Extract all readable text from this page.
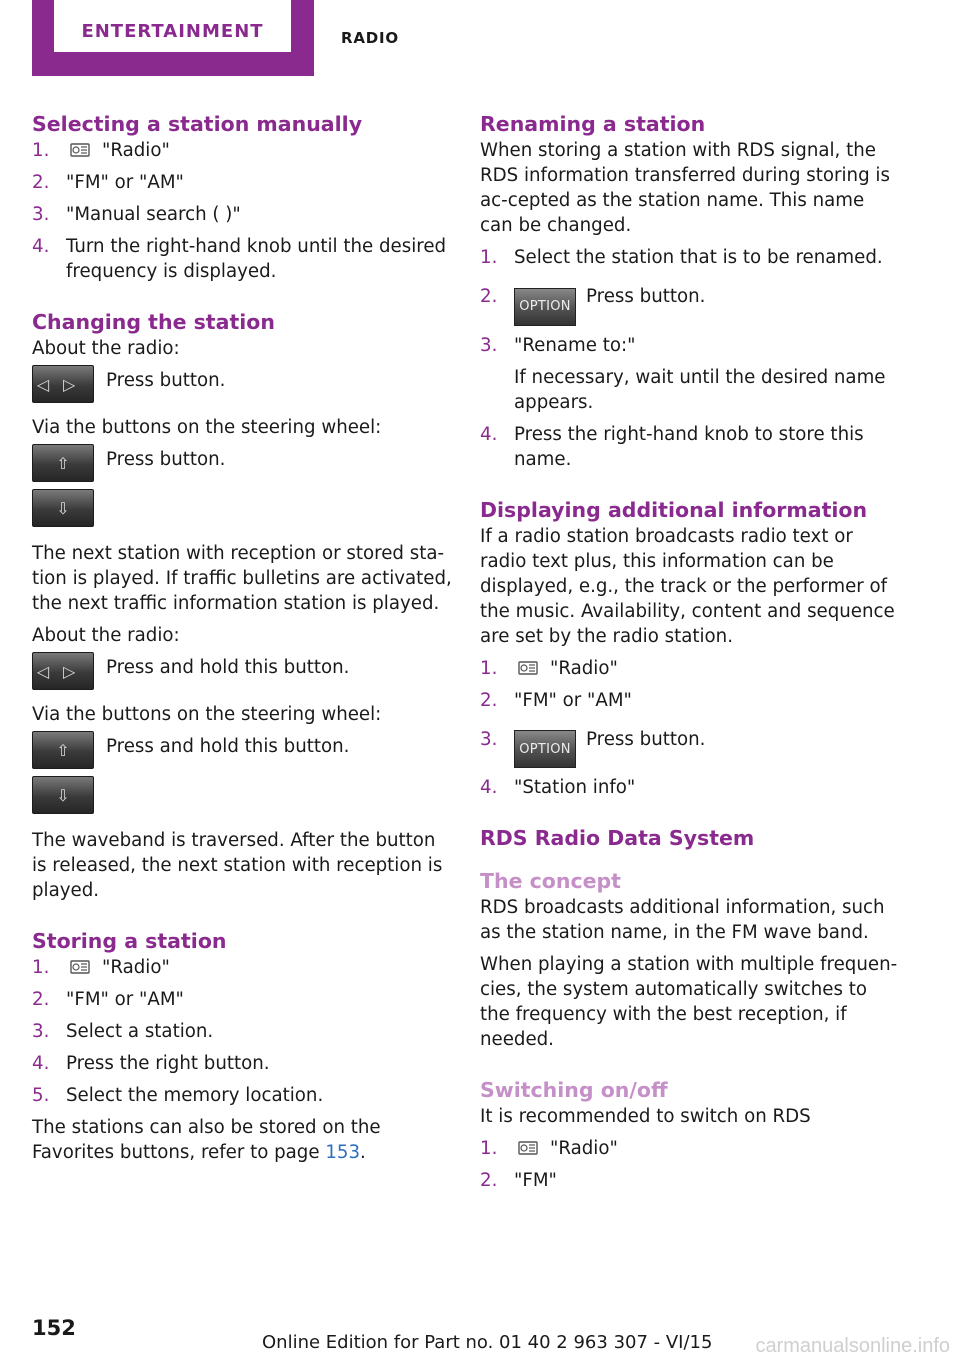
ENTERTAINMENT	RADIO
Selecting a station manually
1.	"Radio"
2. "FM" or "AM"
3. "Manual search ( )"
4. Turn the right-hand knob until the desired frequency is displayed.
Changing the station

About the radio:

◁▷ Press button.

Via the buttons on the steering wheel:

⇧
⇩
Press button.

The next station with reception or stored sta‐tion is played. If traffic bulletins are activated, the next traffic information station is played.

About the radio:

◁▷ Press and hold this button.

Via the buttons on the steering wheel:

⇧
⇩
Press and hold this button.

The waveband is traversed. After the button is released, the next station with reception is played.

Storing a station
1.	"Radio"
2. "FM" or "AM"
3. Select a station.
4. Press the right button.
5. Select the memory location.

The stations can also be stored on the Favorites buttons, refer to page 153.

Renaming a station

When storing a station with RDS signal, the RDS information transferred during storing is ac‐cepted as the station name. This name can be changed.

1. Select the station that is to be renamed.
2. OPTION Press button.
3. "Rename to:"

If necessary, wait until the desired name appears.
4. Press the right-hand knob to store this name.
Displaying additional information

If a radio station broadcasts radio text or radio text plus, this information can be displayed, e.g., the track or the performer of the music. Availability, content and sequence are set by the radio station.

1.	"Radio"
2. "FM" or "AM"
3. OPTION Press button.
4. "Station info"
RDS Radio Data System
The concept

RDS broadcasts additional information, such as the station name, in the FM wave band.

When playing a station with multiple frequen‐cies, the system automatically switches to the frequency with the best reception, if needed.

Switching on/off

It is recommended to switch on RDS

1.	"Radio"
2. "FM"
152
Online Edition for Part no. 01 40 2 963 307 - VI/15 carmanualsonline.info
